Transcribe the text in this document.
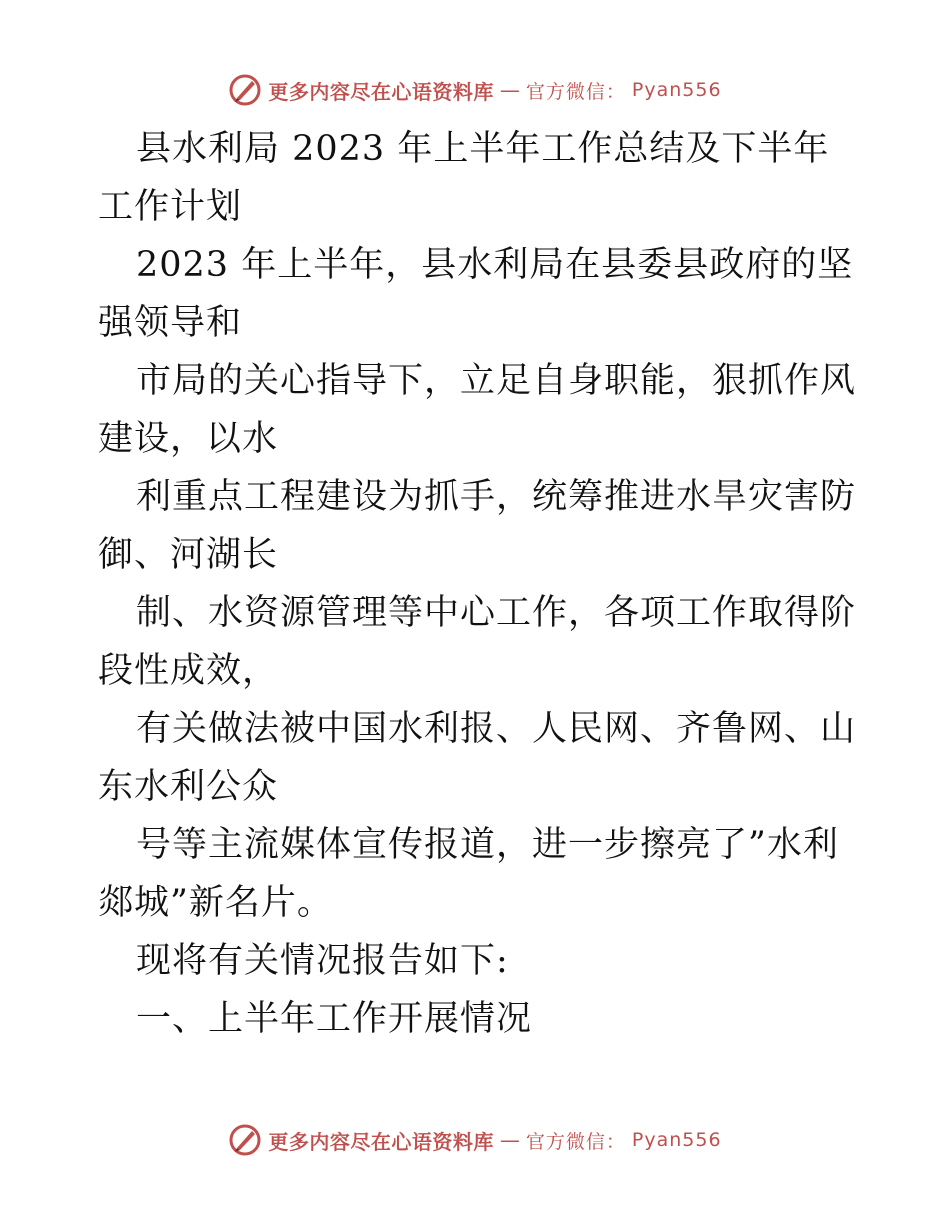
更多内容尽在心语资料库 — 官方微信： Pyan556

县水利局 2023 年上半年工作总结及下半年工作计划

2023 年上半年，县水利局在县委县政府的坚强领导和

市局的关心指导下，立足自身职能，狠抓作风建设，以水

利重点工程建设为抓手，统筹推进水旱灾害防御、河湖长

制、水资源管理等中心工作，各项工作取得阶段性成效，

有关做法被中国水利报、人民网、齐鲁网、山东水利公众

号等主流媒体宣传报道，进一步擦亮了”水利郯城”新名片。

现将有关情况报告如下:

一、上半年工作开展情况

更多内容尽在心语资料库 — 官方微信： Pyan556
